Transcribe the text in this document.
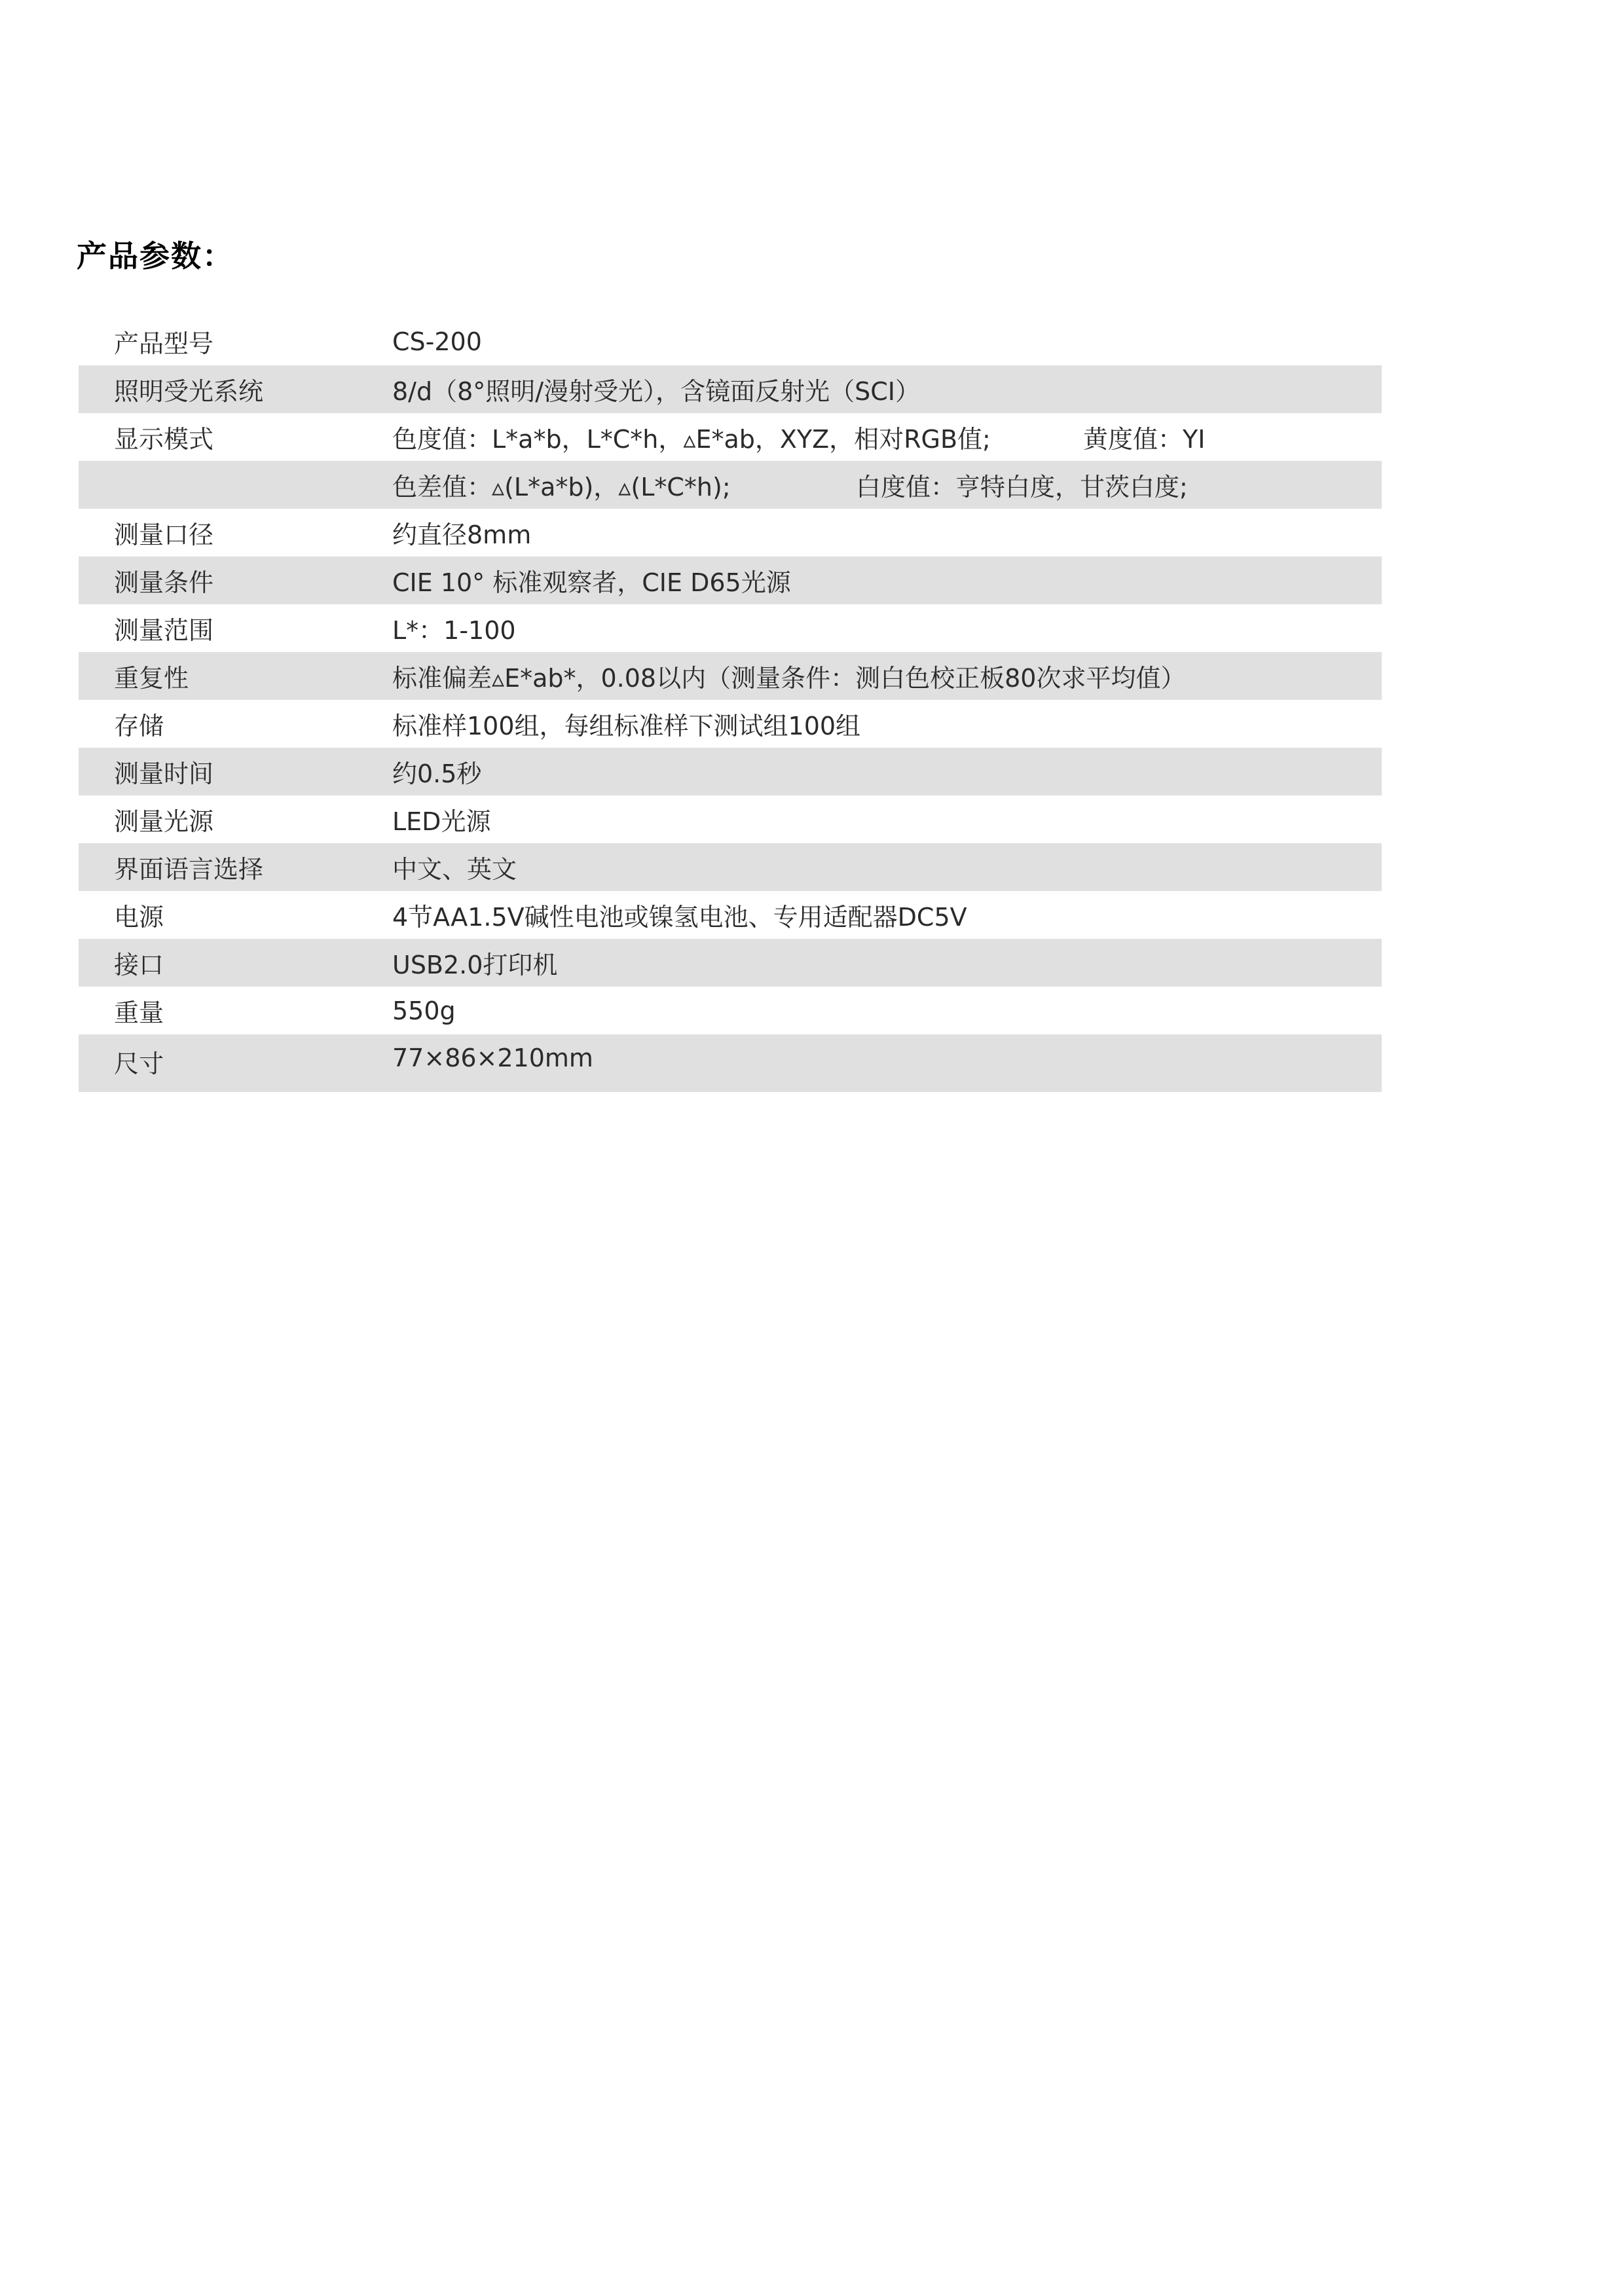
产品参数：
产品型号	CS-200
照明受光系统	8/d（8°照明/漫射受光），含镜面反射光（SCI）
显示模式	色度值：L*a*b，L*C*h，▵E*ab，XYZ，相对RGB值;	黄度值：YI
色差值：▵(L*a*b)，▵(L*C*h);	白度值：亨特白度，甘茨白度;
测量口径	约直径8mm
测量条件	CIE 10° 标准观察者，CIE D65光源
测量范围	L*：1-100
重复性	标准偏差▵E*ab*，0.08以内（测量条件：测白色校正板80次求平均值）
存储	标准样100组，每组标准样下测试组100组
测量时间	约0.5秒
测量光源	LED光源
界面语言选择	中文、英文
电源	4节AA1.5V碱性电池或镍氢电池、专用适配器DC5V
接口	USB2.0打印机
重量	550g
尺寸	77×86×210mm
